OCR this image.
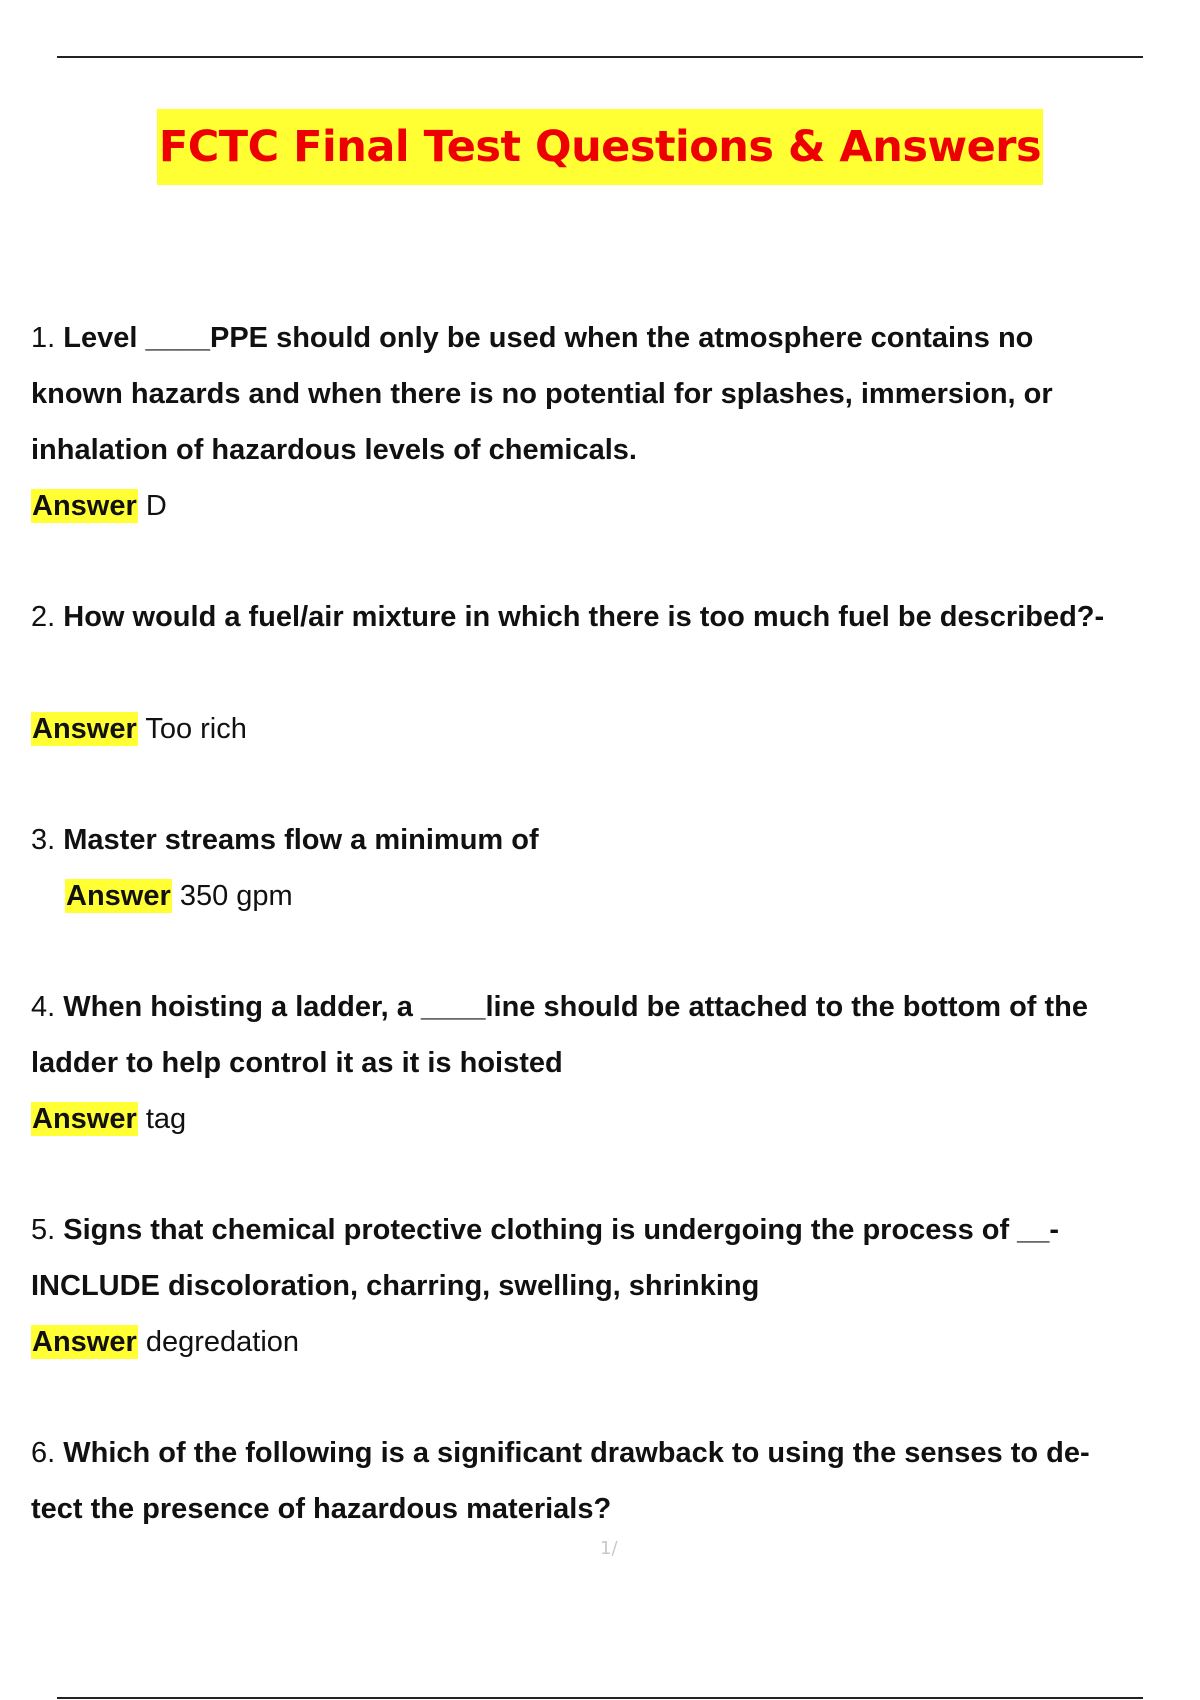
FCTC Final Test Questions & Answers

1. Level ____PPE should only be used when the atmosphere contains no

known hazards and when there is no potential for splashes, immersion, or

inhalation of hazardous levels of chemicals.

Answer D

2. How would a fuel/air mixture in which there is too much fuel be described?-

Answer Too rich

3. Master streams flow a minimum of

Answer 350 gpm

4. When hoisting a ladder, a ____line should be attached to the bottom of the

ladder to help control it as it is hoisted

Answer tag

5. Signs that chemical protective clothing is undergoing the process of __-

INCLUDE discoloration, charring, swelling, shrinking

Answer degredation

6. Which of the following is a significant drawback to using the senses to de-

tect the presence of hazardous materials?

1/
